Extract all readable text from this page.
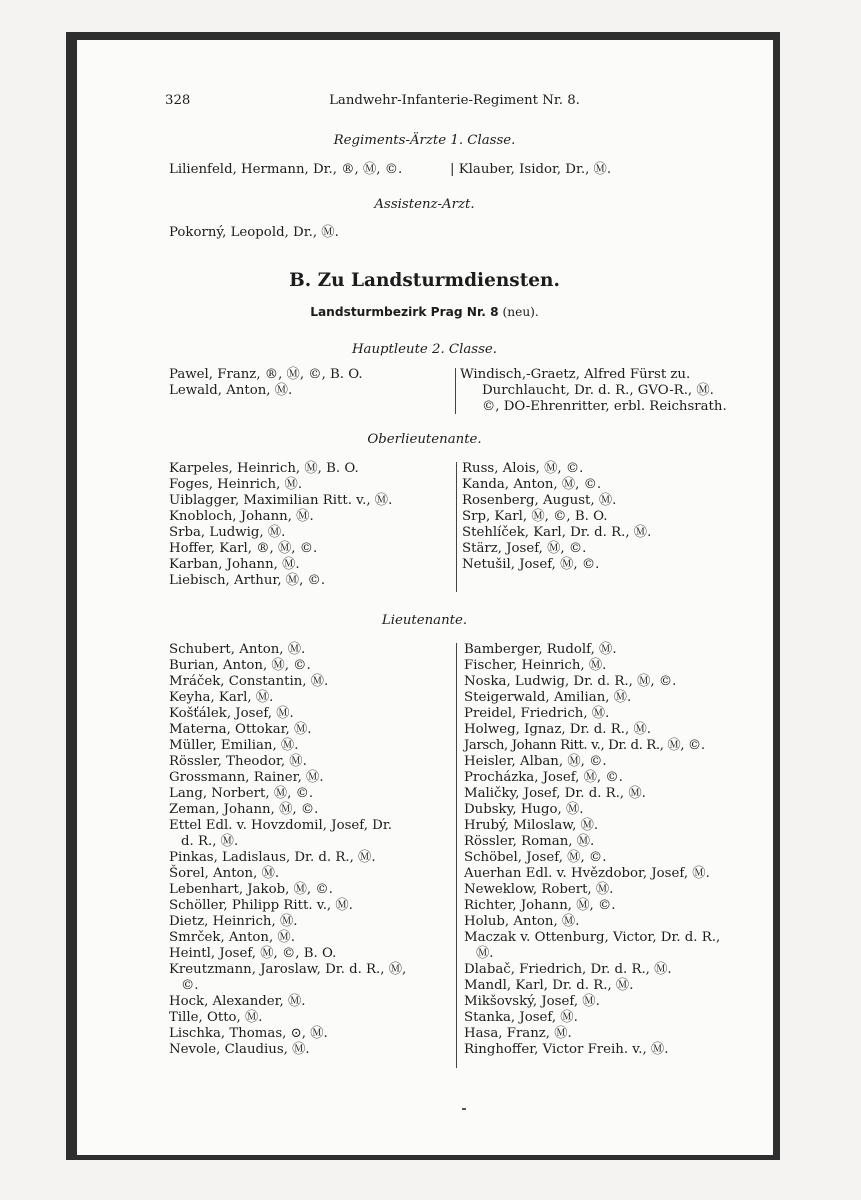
328	Landwehr-Infanterie-Regiment Nr. 8.
Regiments-Ärzte 1. Classe.
Lilienfeld, Hermann, Dr., ®, Ⓜ, ©.	| Klauber, Isidor, Dr., Ⓜ.
Assistenz-Arzt.
Pokorný, Leopold, Dr., Ⓜ.
B. Zu Landsturmdiensten.
Landsturmbezirk Prag Nr. 8 (neu).
Hauptleute 2. Classe.
Pawel, Franz, ®, Ⓜ, ©, B. O.
Lewald, Anton, Ⓜ.
Windisch,-Graetz, Alfred Fürst zu.
Durchlaucht, Dr. d. R., GVO-R., Ⓜ.
©, DO-Ehrenritter, erbl. Reichsrath.
Oberlieutenante.
Karpeles, Heinrich, Ⓜ, B. O.
Foges, Heinrich, Ⓜ.
Uiblagger, Maximilian Ritt. v., Ⓜ.
Knobloch, Johann, Ⓜ.
Srba, Ludwig, Ⓜ.
Hoffer, Karl, ®, Ⓜ, ©.
Karban, Johann, Ⓜ.
Liebisch, Arthur, Ⓜ, ©.
Russ, Alois, Ⓜ, ©.
Kanda, Anton, Ⓜ, ©.
Rosenberg, August, Ⓜ.
Srp, Karl, Ⓜ, ©, B. O.
Stehlíček, Karl, Dr. d. R., Ⓜ.
Stärz, Josef, Ⓜ, ©.
Netušil, Josef, Ⓜ, ©.
Lieutenante.
Schubert, Anton, Ⓜ.
Burian, Anton, Ⓜ, ©.
Mráček, Constantin, Ⓜ.
Keyha, Karl, Ⓜ.
Košťálek, Josef, Ⓜ.
Materna, Ottokar, Ⓜ.
Müller, Emilian, Ⓜ.
Rössler, Theodor, Ⓜ.
Grossmann, Rainer, Ⓜ.
Lang, Norbert, Ⓜ, ©.
Zeman, Johann, Ⓜ, ©.
Ettel Edl. v. Hovzdomil, Josef, Dr.
d. R., Ⓜ.
Pinkas, Ladislaus, Dr. d. R., Ⓜ.
Šorel, Anton, Ⓜ.
Lebenhart, Jakob, Ⓜ, ©.
Schöller, Philipp Ritt. v., Ⓜ.
Dietz, Heinrich, Ⓜ.
Smrček, Anton, Ⓜ.
Heintl, Josef, Ⓜ, ©, B. O.
Kreutzmann, Jaroslaw, Dr. d. R., Ⓜ,
©.
Hock, Alexander, Ⓜ.
Tille, Otto, Ⓜ.
Lischka, Thomas, ⊙, Ⓜ.
Nevole, Claudius, Ⓜ.
Bamberger, Rudolf, Ⓜ.
Fischer, Heinrich, Ⓜ.
Noska, Ludwig, Dr. d. R., Ⓜ, ©.
Steigerwald, Amilian, Ⓜ.
Preidel, Friedrich, Ⓜ.
Holweg, Ignaz, Dr. d. R., Ⓜ.
Jarsch, Johann Ritt. v., Dr. d. R., Ⓜ, ©.
Heisler, Alban, Ⓜ, ©.
Procházka, Josef, Ⓜ, ©.
Maličky, Josef, Dr. d. R., Ⓜ.
Dubsky, Hugo, Ⓜ.
Hrubý, Miloslaw, Ⓜ.
Rössler, Roman, Ⓜ.
Schöbel, Josef, Ⓜ, ©.
Auerhan Edl. v. Hvězdobor, Josef, Ⓜ.
Neweklow, Robert, Ⓜ.
Richter, Johann, Ⓜ, ©.
Holub, Anton, Ⓜ.
Maczak v. Ottenburg, Victor, Dr. d. R.,
Ⓜ.
Dlabač, Friedrich, Dr. d. R., Ⓜ.
Mandl, Karl, Dr. d. R., Ⓜ.
Mikšovský, Josef, Ⓜ.
Stanka, Josef, Ⓜ.
Hasa, Franz, Ⓜ.
Ringhoffer, Victor Freih. v., Ⓜ.
